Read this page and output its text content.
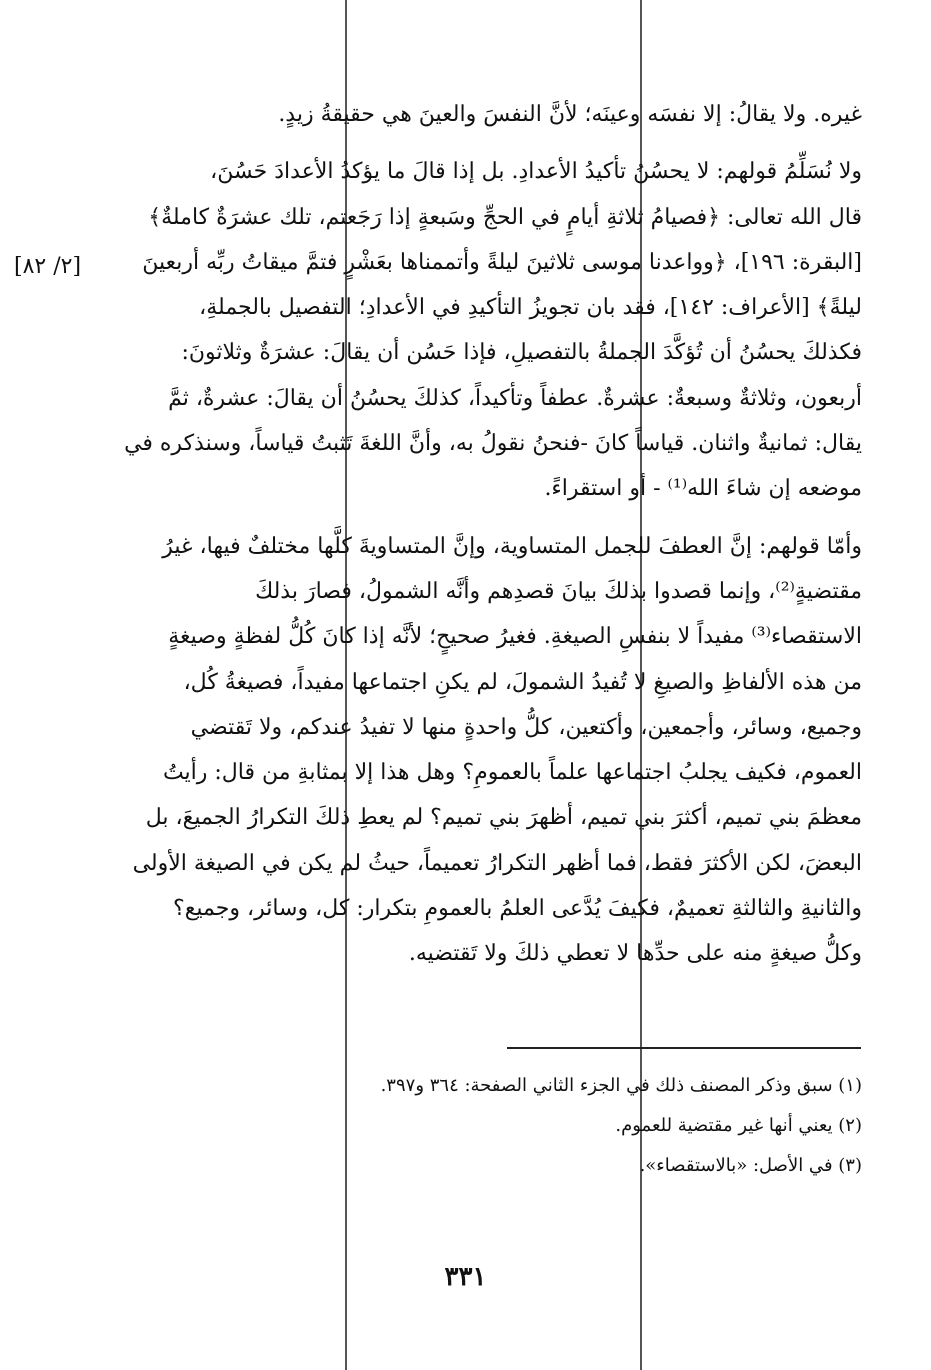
غيره. ولا يقالُ: إلا نفسَه وعينَه؛ لأنَّ النفسَ والعينَ هي حقيقةُ زيدٍ.
ولا نُسَلِّمُ قولهم: لا يحسُنُ تأكيدُ الأعدادِ. بل إذا قالَ ما يؤكدُ الأعدادَ حَسُنَ،
قال الله تعالى: ﴿فصيامُ ثلاثةِ أيامٍ في الحجِّ وسَبعةٍ إذا رَجَعتم، تلك عشرَةٌ كاملةٌ﴾
[البقرة: ١٩٦]، ﴿وواعدنا موسى ثلاثينَ ليلةً وأتممناها بعَشْرٍ فتمَّ ميقاتُ ربِّه أربعينَ
ليلةً﴾ [الأعراف: ١٤٢]، فقد بان تجويزُ التأكيدِ في الأعدادِ؛ التفصيل بالجملةِ،
فكذلكَ يحسُنُ أن تُؤكَّدَ الجملةُ بالتفصيلِ، فإذا حَسُن أن يقالَ: عشرَةٌ وثلاثونَ:
أربعون، وثلاثةٌ وسبعةٌ: عشرةٌ. عطفاً وتأكيداً، كذلكَ يحسُنُ أن يقالَ: عشرةٌ، ثمَّ
يقال: ثمانيةٌ واثنان. قياساً كانَ -فنحنُ نقولُ به، وأنَّ اللغةَ تَثبتُ قياساً، وسنذكره في
موضعه إن شاءَ الله⁽¹⁾ - أو استقراءً.
وأمّا قولهم: إنَّ العطفَ للجمل المتساوية، وإنَّ المتساويةَ كلَّها مختلفٌ فيها، غيرُ
مقتضيةٍ⁽²⁾، وإنما قصدوا بذلكَ بيانَ قصدِهم وأنَّه الشمولُ، فصارَ بذلكَ
الاستقصاء⁽³⁾ مفيداً لا بنفسِ الصيغةِ. فغيرُ صحيحٍ؛ لأنَّه إذا كانَ كُلُّ لفظةٍ وصيغةٍ
من هذه الألفاظِ والصيغِ لا تُفيدُ الشمولَ، لم يكنِ اجتماعها مفيداً، فصيغةُ كُل،
وجميع، وسائر، وأجمعين، وأكتعين، كلُّ واحدةٍ منها لا تفيدُ عندكم، ولا تَقتضي
العموم، فكيف يجلبُ اجتماعها علماً بالعمومِ؟ وهل هذا إلا بمثابةِ من قال: رأيتُ
معظمَ بني تميم، أكثرَ بني تميم، أظهرَ بني تميم؟ لم يعطِ ذلكَ التكرارُ الجميعَ، بل
البعضَ، لكن الأكثرَ فقط، فما أظهر التكرارُ تعميماً، حيثُ لم يكن في الصيغة الأولى
والثانيةِ والثالثةِ تعميمٌ، فكيفَ يُدَّعى العلمُ بالعمومِ بتكرار: كل، وسائر، وجميع؟
وكلُّ صيغةٍ منه على حدِّها لا تعطي ذلكَ ولا تَقتضيه.
[٢/ ٨٢]
(١) سبق وذكر المصنف ذلك في الجزء الثاني الصفحة: ٣٦٤ و٣٩٧.
(٢) يعني أنها غير مقتضية للعموم.
(٣) في الأصل: «بالاستقصاء».
٣٣١
